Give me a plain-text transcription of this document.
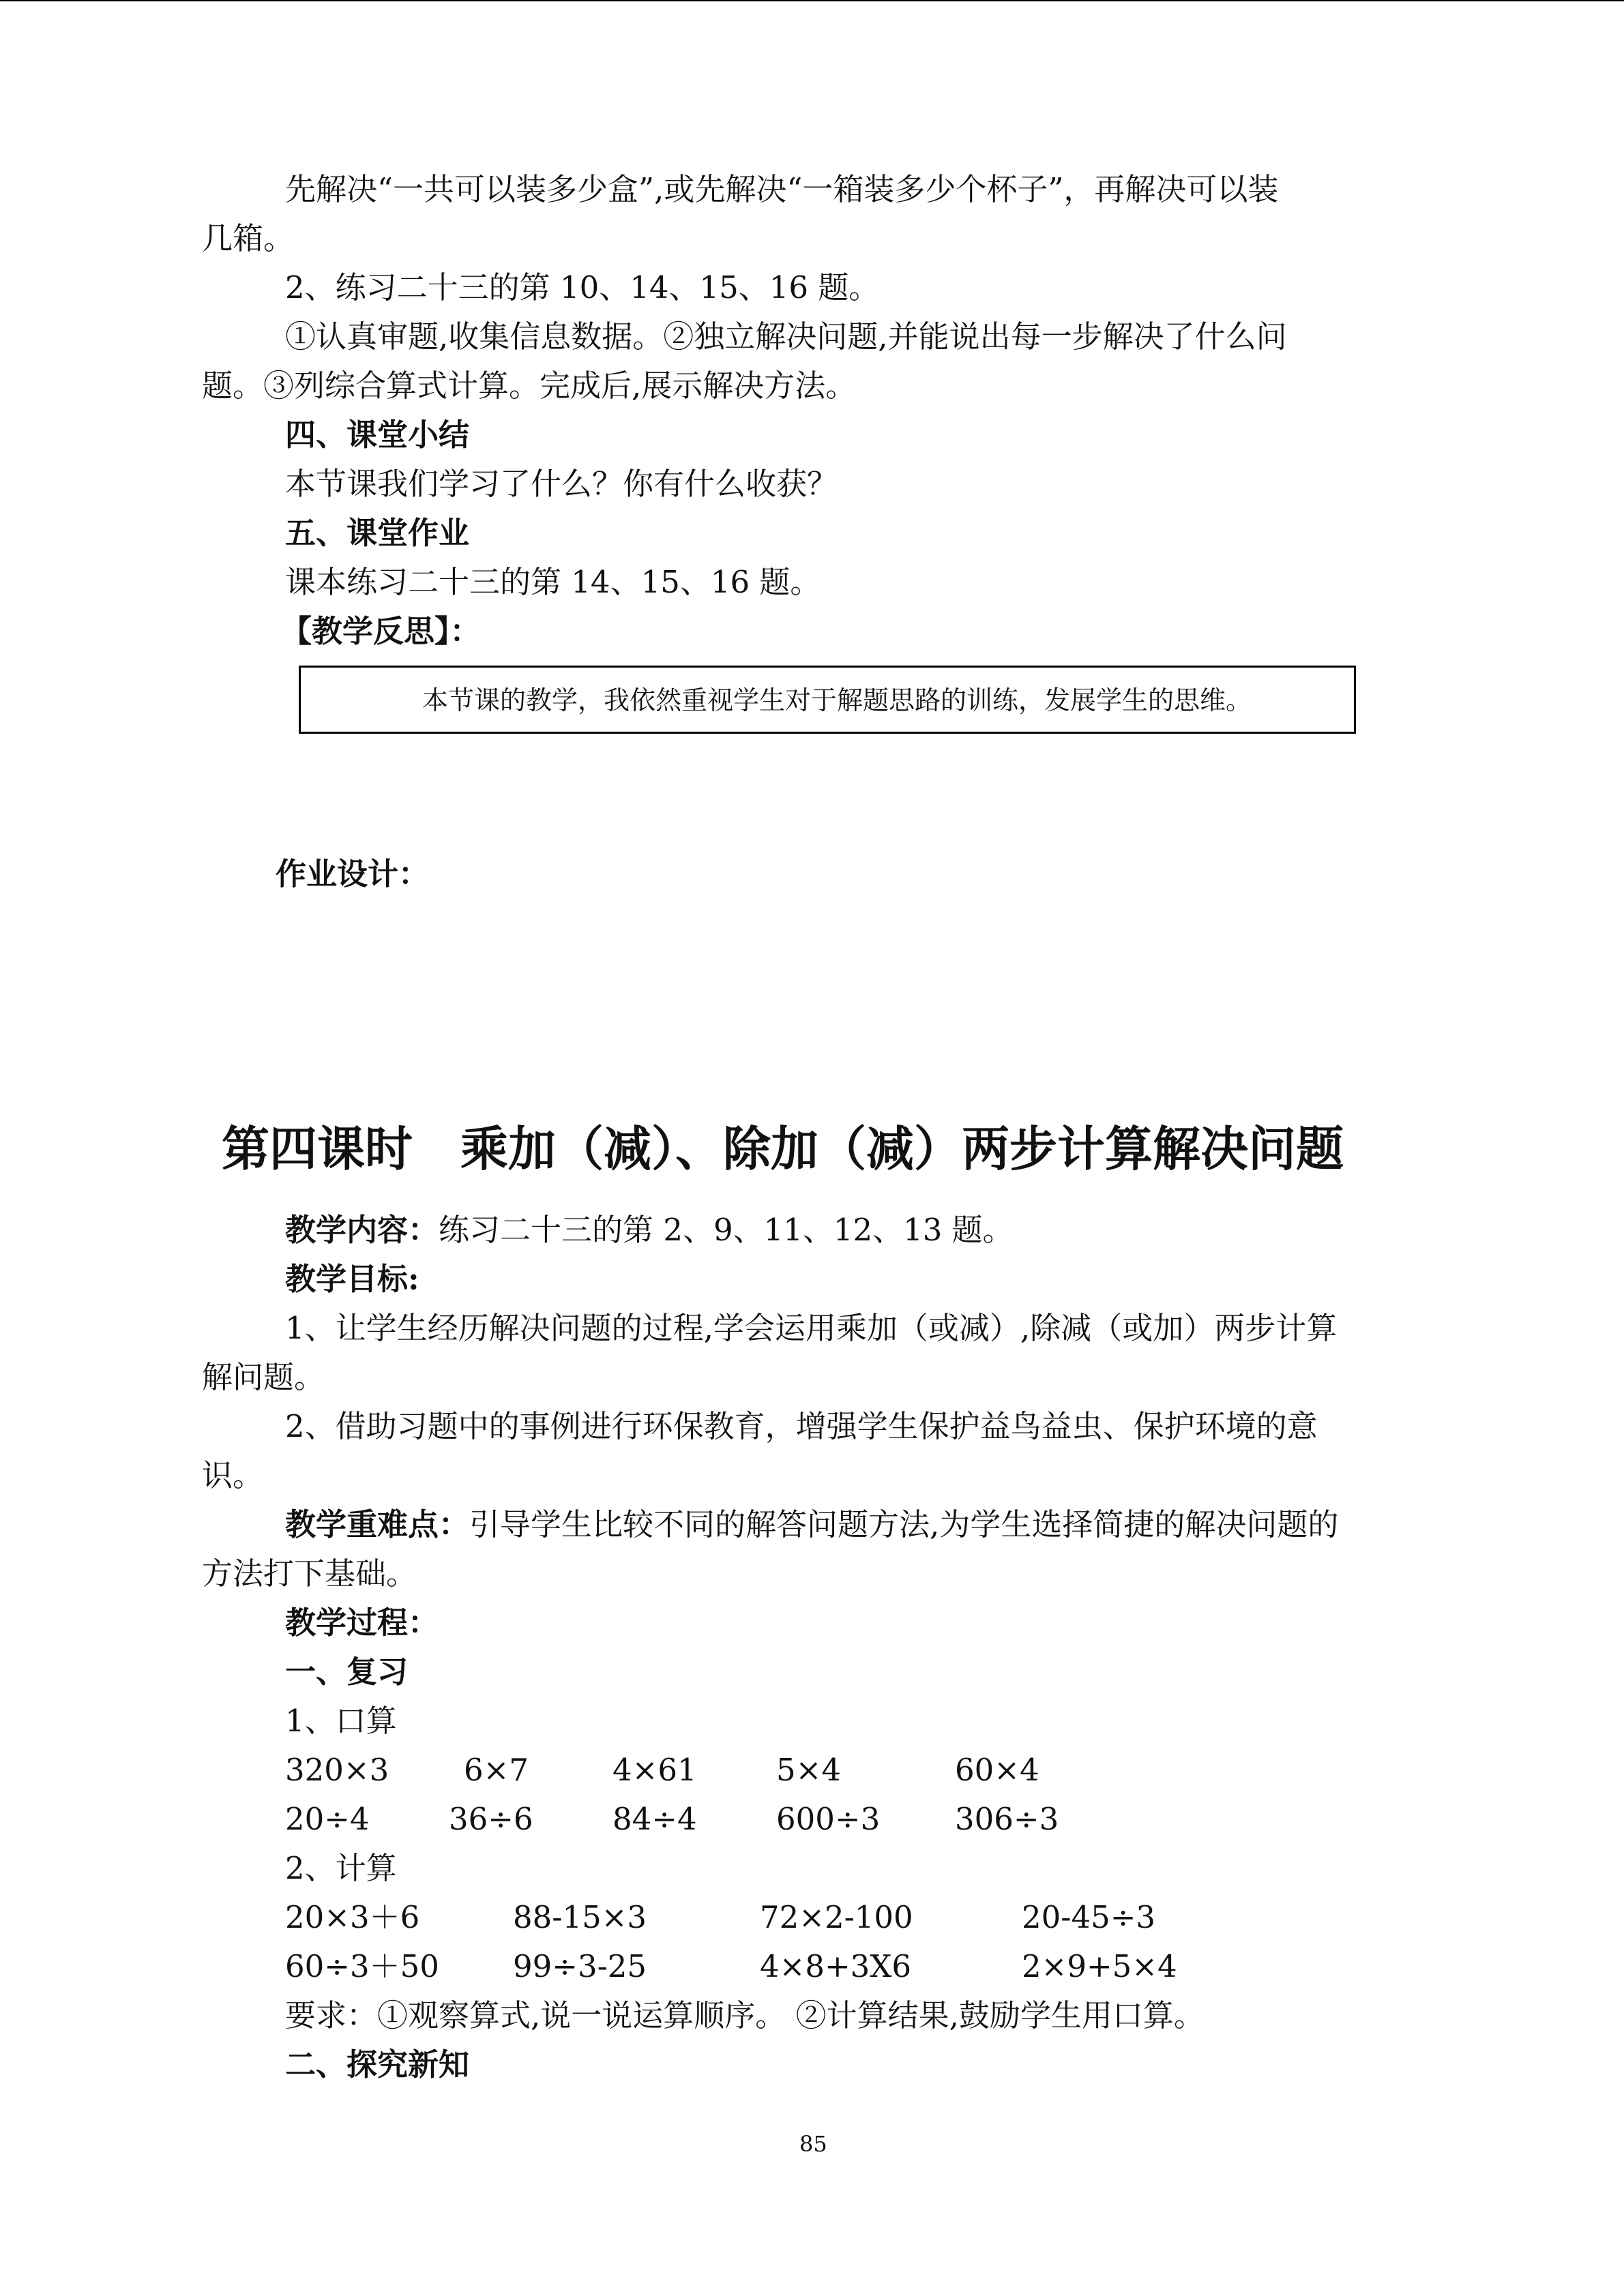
先解决“一共可以装多少盒”,或先解决“一箱装多少个杯子”，再解决可以装
几箱。
2、练习二十三的第 10、14、15、16 题。
①认真审题,收集信息数据。②独立解决问题,并能说出每一步解决了什么问
题。③列综合算式计算。完成后,展示解决方法。
四、课堂小结
本节课我们学习了什么？你有什么收获？
五、课堂作业
课本练习二十三的第 14、15、16 题。
【教学反思】：
本节课的教学，我依然重视学生对于解题思路的训练，发展学生的思维。
作业设计：
第四课时　乘加（减）、除加（减）两步计算解决问题
教学内容：练习二十三的第 2、9、11、12、13 题。
教学目标:
1、让学生经历解决问题的过程,学会运用乘加（或减）,除减（或加）两步计算
解问题。
2、借助习题中的事例进行环保教育，增强学生保护益鸟益虫、保护环境的意
识。
教学重难点：引导学生比较不同的解答问题方法,为学生选择简捷的解决问题的
方法打下基础。
教学过程：
一、复习
1、口算
320×3 6×7	4×61	5×4	60×4
20÷4	36÷6	84÷4	600÷3 306÷3
2、计算
20×3＋6	88-15×3	72×2-100	20-45÷3
60÷3＋50 99÷3-25	4×8+3X6	2×9+5×4
要求：①观察算式,说一说运算顺序。 ②计算结果,鼓励学生用口算。
二、探究新知
85
